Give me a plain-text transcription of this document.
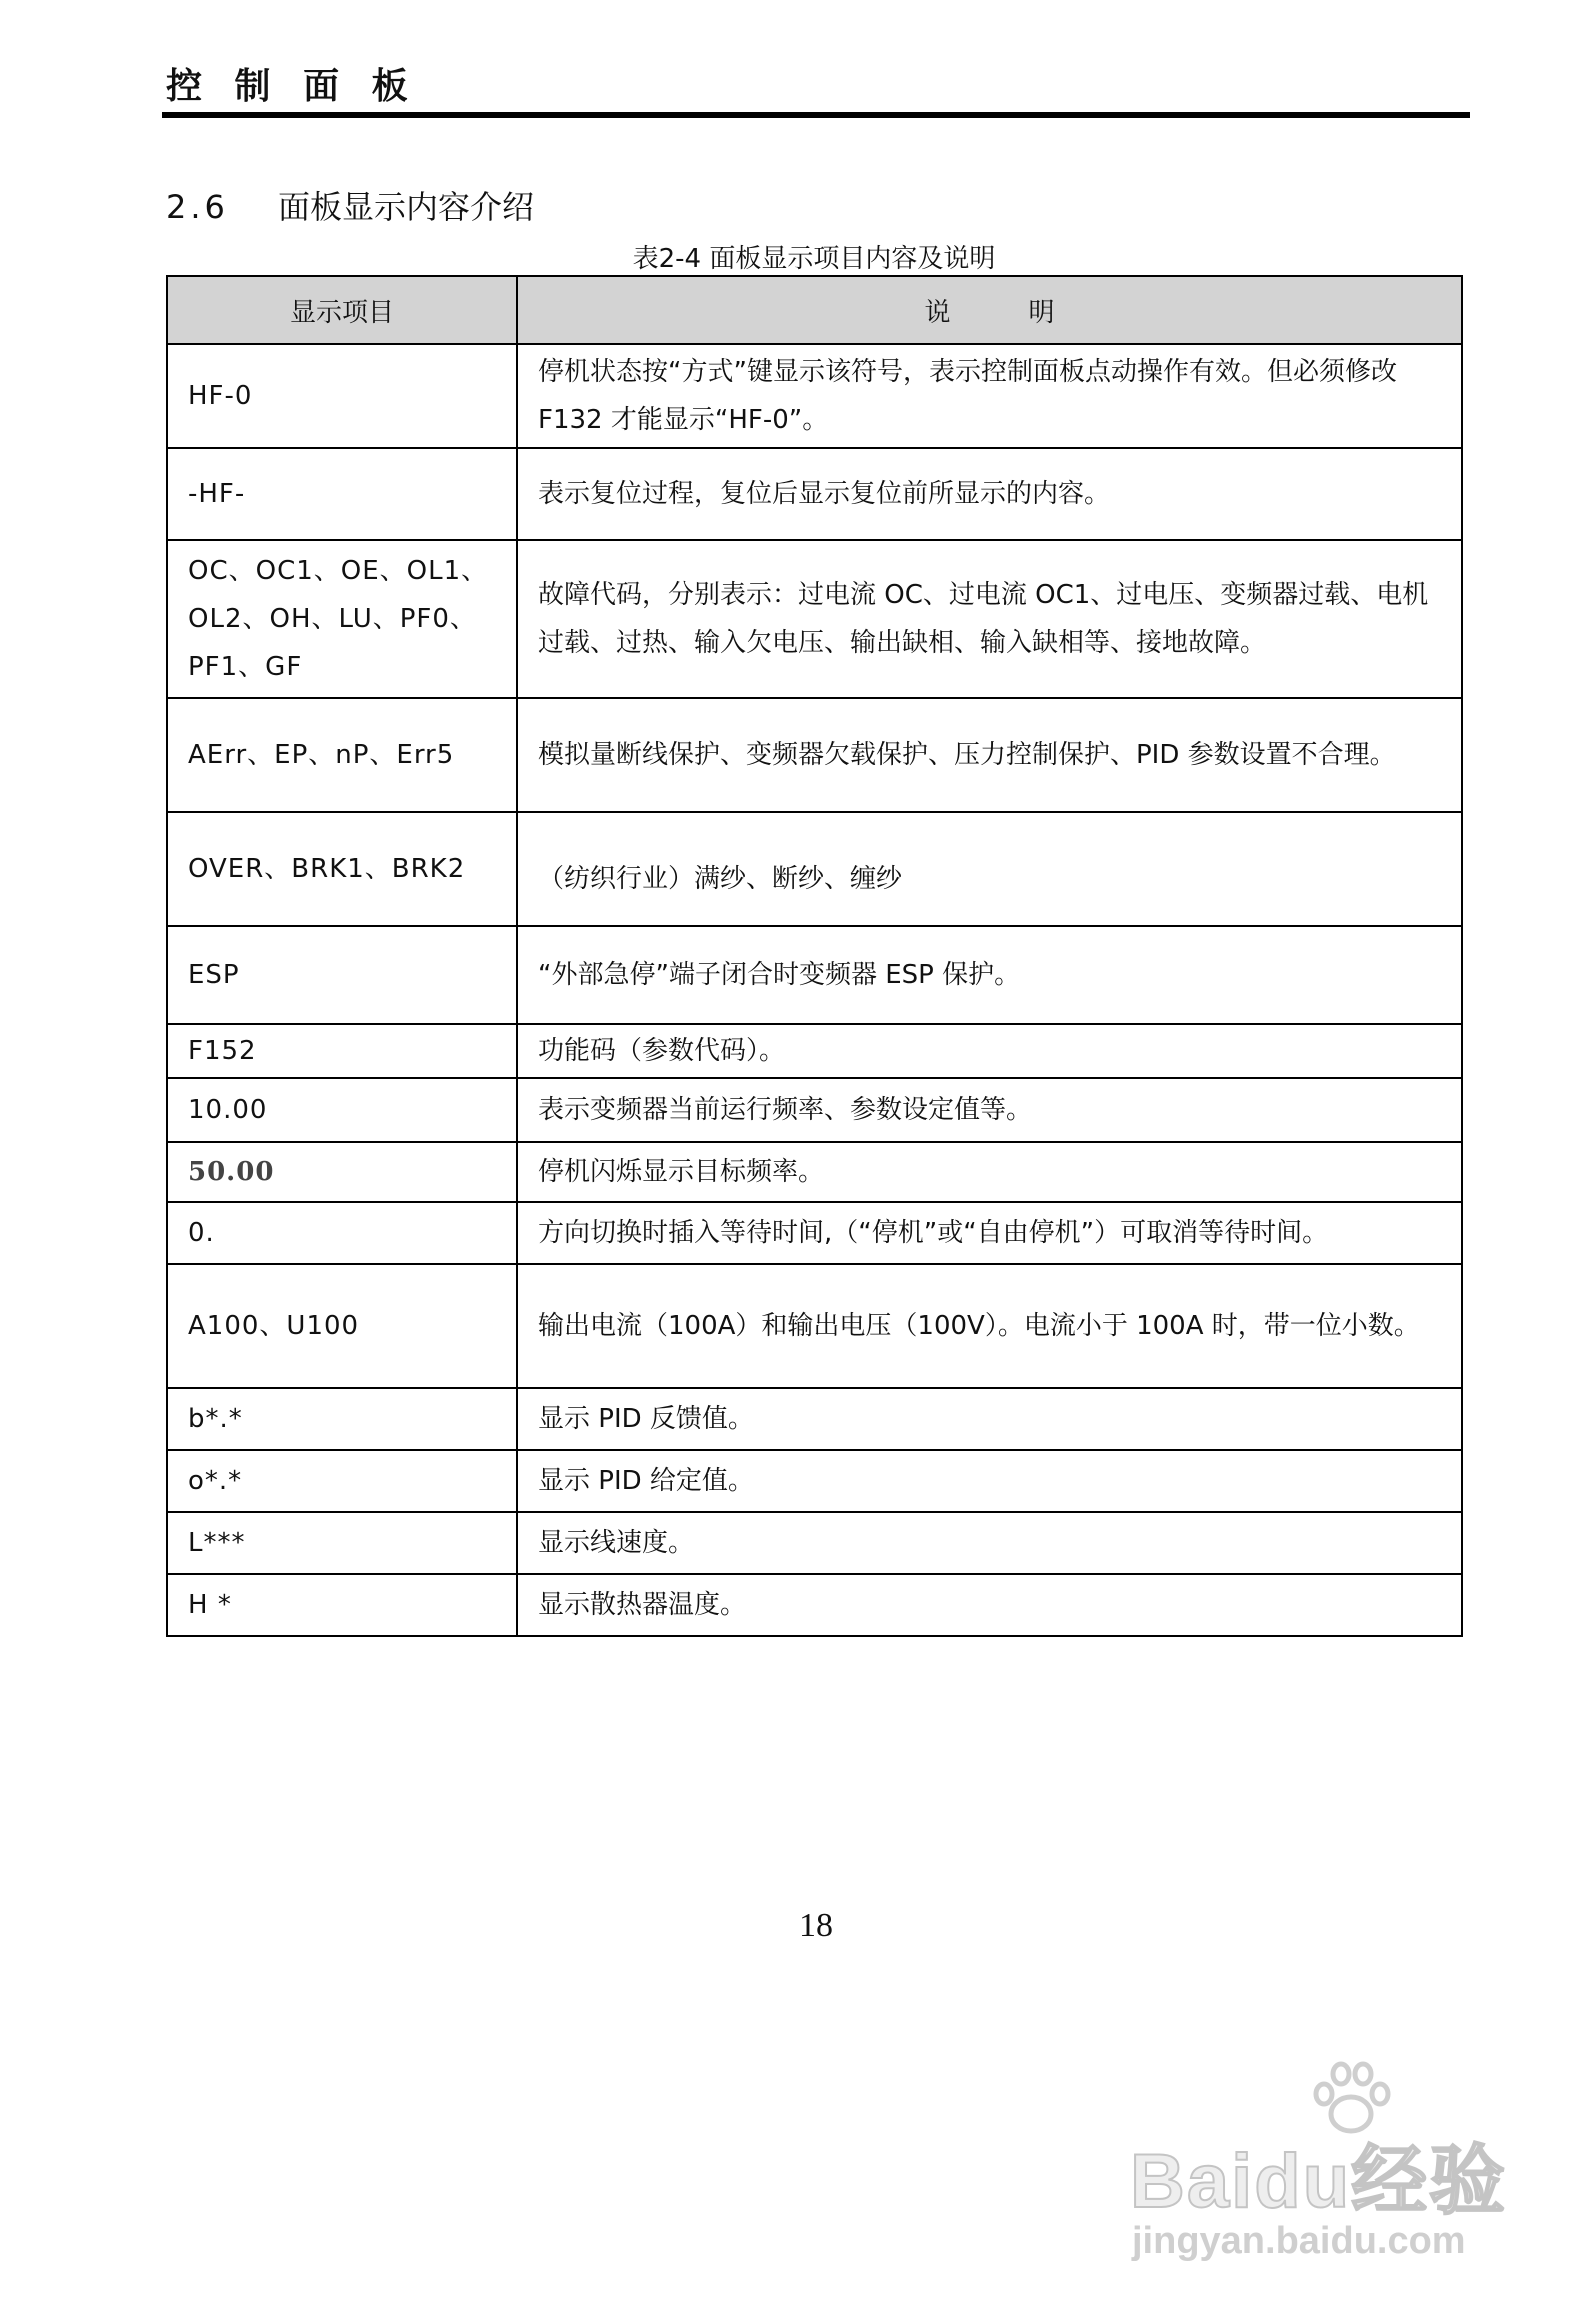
控 制 面 板
2.6 面板显示内容介绍
表2-4 面板显示项目内容及说明
显示项目	说　　　明
HF-0	停机状态按“方式”键显示该符号，表示控制面板点动操作有效。但必须修改 F132 才能显示“HF-0”。
-HF-	表示复位过程，复位后显示复位前所显示的内容。
OC、OC1、OE、OL1、OL2、OH、LU、PF0、PF1、GF	故障代码，分别表示：过电流 OC、过电流 OC1、过电压、变频器过载、电机过载、过热、输入欠电压、输出缺相、输入缺相等、接地故障。
AErr、EP、nP、Err5	模拟量断线保护、变频器欠载保护、压力控制保护、PID 参数设置不合理。
OVER、BRK1、BRK2	（纺织行业）满纱、断纱、缠纱
ESP	“外部急停”端子闭合时变频器 ESP 保护。
F152	功能码（参数代码）。
10.00	表示变频器当前运行频率、参数设定值等。
50.00	停机闪烁显示目标频率。
0.	方向切换时插入等待时间,（“停机”或“自由停机”）可取消等待时间。
A100、U100	输出电流（100A）和输出电压（100V）。电流小于 100A 时，带一位小数。
b*.*	显示 PID 反馈值。
o*.*	显示 PID 给定值。
L***	显示线速度。
H *	显示散热器温度。
18
Baidu经验
jingyan.baidu.com
